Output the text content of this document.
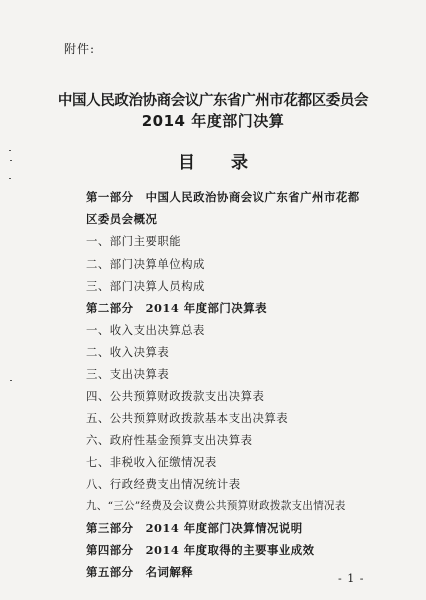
附件:
中国人民政治协商会议广东省广州市花都区委员会
2014 年度部门决算
目 录
第一部分 中国人民政治协商会议广东省广州市花都
区委员会概况
一、部门主要职能
二、部门决算单位构成
三、部门决算人员构成
第二部分 2014 年度部门决算表
一、收入支出决算总表
二、收入决算表
三、支出决算表
四、公共预算财政拨款支出决算表
五、公共预算财政拨款基本支出决算表
六、政府性基金预算支出决算表
七、非税收入征缴情况表
八、行政经费支出情况统计表
九、“三公”经费及会议费公共预算财政拨款支出情况表
第三部分 2014 年度部门决算情况说明
第四部分 2014 年度取得的主要事业成效
第五部分 名词解释	- 1 -
